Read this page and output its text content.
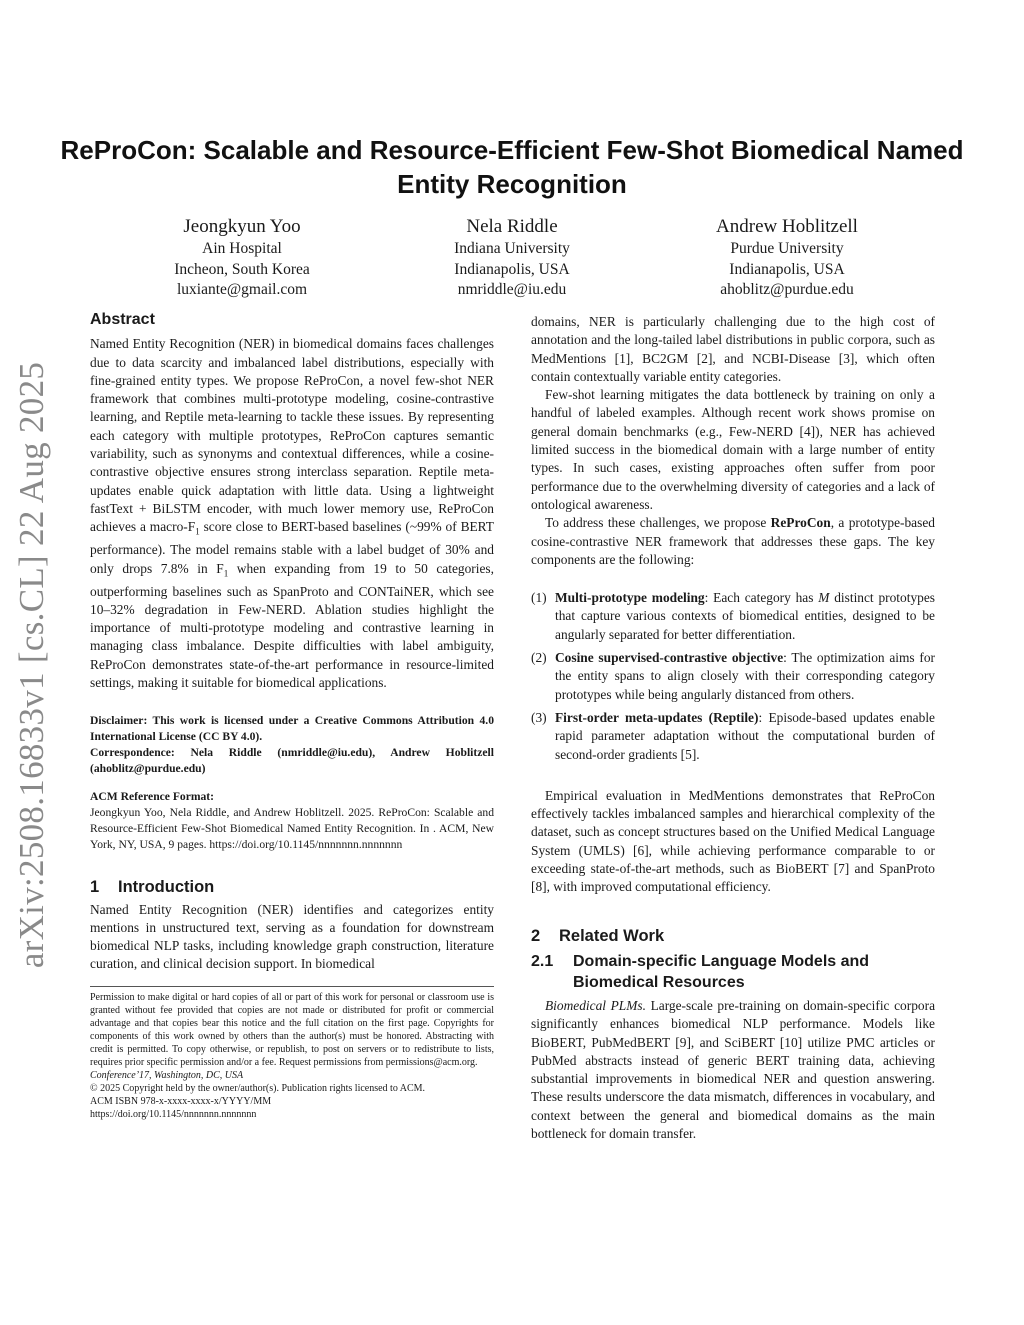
arXiv:2508.16833v1 [cs.CL] 22 Aug 2025
ReProCon: Scalable and Resource-Efficient Few-Shot Biomedical Named Entity Recognition
Jeongkyun Yoo
Ain Hospital
Incheon, South Korea
luxiante@gmail.com
Nela Riddle
Indiana University
Indianapolis, USA
nmriddle@iu.edu
Andrew Hoblitzell
Purdue University
Indianapolis, USA
ahoblitz@purdue.edu
Abstract

Named Entity Recognition (NER) in biomedical domains faces challenges due to data scarcity and imbalanced label distributions, especially with fine-grained entity types. We propose ReProCon, a novel few-shot NER framework that combines multi-prototype modeling, cosine-contrastive learning, and Reptile meta-learning to tackle these issues. By representing each category with multiple prototypes, ReProCon captures semantic variability, such as synonyms and contextual differences, while a cosine-contrastive objective ensures strong interclass separation. Reptile meta-updates enable quick adaptation with little data. Using a lightweight fastText + BiLSTM encoder, with much lower memory use, ReProCon achieves a macro-$F_1$ score close to BERT-based baselines (~99% of BERT performance). The model remains stable with a label budget of 30% and only drops 7.8% in $F_1$ when expanding from 19 to 50 categories, outperforming baselines such as SpanProto and CONTaiNER, which see 10–32% degradation in Few-NERD. Ablation studies highlight the importance of multi-prototype modeling and contrastive learning in managing class imbalance. Despite difficulties with label ambiguity, ReProCon demonstrates state-of-the-art performance in resource-limited settings, making it suitable for biomedical applications.

Disclaimer: This work is licensed under a Creative Commons Attribution 4.0 International License (CC BY 4.0).

Correspondence: Nela Riddle (nmriddle@iu.edu), Andrew Hoblitzell (ahoblitz@purdue.edu)

ACM Reference Format:

Jeongkyun Yoo, Nela Riddle, and Andrew Hoblitzell. 2025. ReProCon: Scalable and Resource-Efficient Few-Shot Biomedical Named Entity Recognition. In . ACM, New York, NY, USA, 9 pages. https://doi.org/10.1145/nnnnnnn.nnnnnnn

1 Introduction

Named Entity Recognition (NER) identifies and categorizes entity mentions in unstructured text, serving as a foundation for downstream biomedical NLP tasks, including knowledge graph construction, literature curation, and clinical decision support. In biomedical

Permission to make digital or hard copies of all or part of this work for personal or classroom use is granted without fee provided that copies are not made or distributed for profit or commercial advantage and that copies bear this notice and the full citation on the first page. Copyrights for components of this work owned by others than the author(s) must be honored. Abstracting with credit is permitted. To copy otherwise, or republish, to post on servers or to redistribute to lists, requires prior specific permission and/or a fee. Request permissions from permissions@acm.org.

Conference’17, Washington, DC, USA

© 2025 Copyright held by the owner/author(s). Publication rights licensed to ACM.

ACM ISBN 978-x-xxxx-xxxx-x/YYYY/MM

https://doi.org/10.1145/nnnnnnn.nnnnnnn

domains, NER is particularly challenging due to the high cost of annotation and the long-tailed label distributions in public corpora, such as MedMentions [1], BC2GM [2], and NCBI-Disease [3], which often contain contextually variable entity categories.

Few-shot learning mitigates the data bottleneck by training on only a handful of labeled examples. Although recent work shows promise on general domain benchmarks (e.g., Few-NERD [4]), NER has achieved limited success in the biomedical domain with a large number of entity types. In such cases, existing approaches often suffer from poor performance due to the overwhelming diversity of categories and a lack of ontological awareness.

To address these challenges, we propose ReProCon, a prototype-based cosine-contrastive NER framework that addresses these gaps. The key components are the following:

(1) Multi-prototype modeling: Each category has M distinct prototypes that capture various contexts of biomedical entities, designed to be angularly separated for better differentiation.
(2) Cosine supervised-contrastive objective: The optimization aims for the entity spans to align closely with their corresponding category prototypes while being angularly distanced from others.
(3) First-order meta-updates (Reptile): Episode-based updates enable rapid parameter adaptation without the computational burden of second-order gradients [5].

Empirical evaluation in MedMentions demonstrates that ReProCon effectively tackles imbalanced samples and hierarchical complexity of the dataset, such as concept structures based on the Unified Medical Language System (UMLS) [6], while achieving performance comparable to or exceeding state-of-the-art methods, such as BioBERT [7] and SpanProto [8], with improved computational efficiency.

2 Related Work
2.1 Domain-specific Language Models and Biomedical Resources

Biomedical PLMs. Large-scale pre-training on domain-specific corpora significantly enhances biomedical NLP performance. Models like BioBERT, PubMedBERT [9], and SciBERT [10] utilize PMC articles or PubMed abstracts instead of generic BERT training data, achieving substantial improvements in biomedical NER and question answering. These results underscore the data mismatch, differences in vocabulary, and context between the general and biomedical domains as the main bottleneck for domain transfer.
